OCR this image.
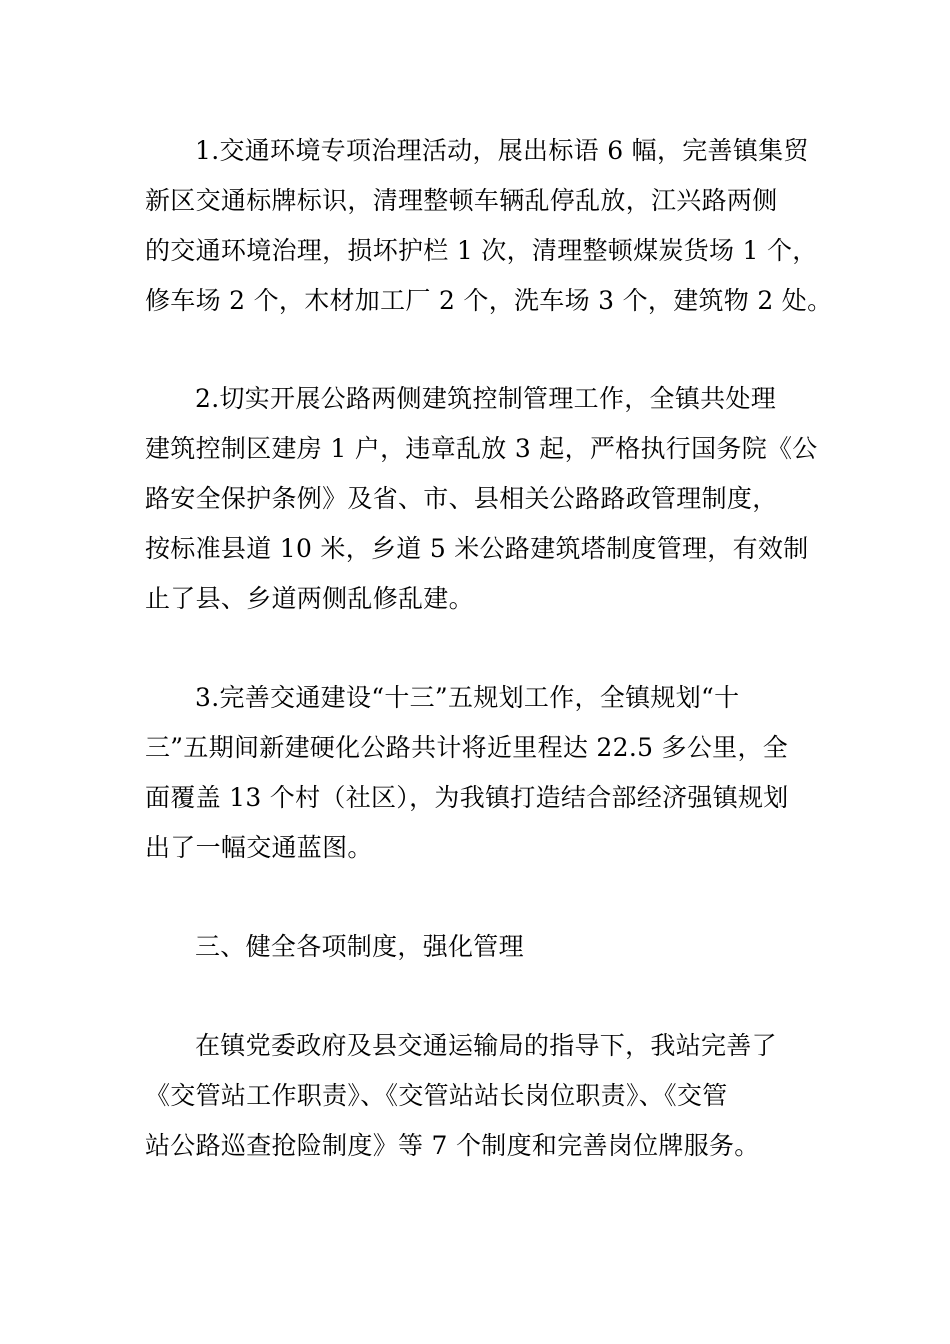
1.交通环境专项治理活动，展出标语 6 幅，完善镇集贸
新区交通标牌标识，清理整顿车辆乱停乱放，江兴路两侧
的交通环境治理，损坏护栏 1 次，清理整顿煤炭货场 1 个，
修车场 2 个，木材加工厂 2 个，洗车场 3 个，建筑物 2 处。
2.切实开展公路两侧建筑控制管理工作，全镇共处理
建筑控制区建房 1 户，违章乱放 3 起，严格执行国务院《公
路安全保护条例》及省、市、县相关公路路政管理制度，
按标准县道 10 米，乡道 5 米公路建筑塔制度管理，有效制
止了县、乡道两侧乱修乱建。
3.完善交通建设“十三”五规划工作，全镇规划“十
三”五期间新建硬化公路共计将近里程达 22.5 多公里，全
面覆盖 13 个村（社区），为我镇打造结合部经济强镇规划
出了一幅交通蓝图。
三、健全各项制度，强化管理
在镇党委政府及县交通运输局的指导下，我站完善了
《交管站工作职责》、《交管站站长岗位职责》、《交管
站公路巡查抢险制度》等 7 个制度和完善岗位牌服务。
